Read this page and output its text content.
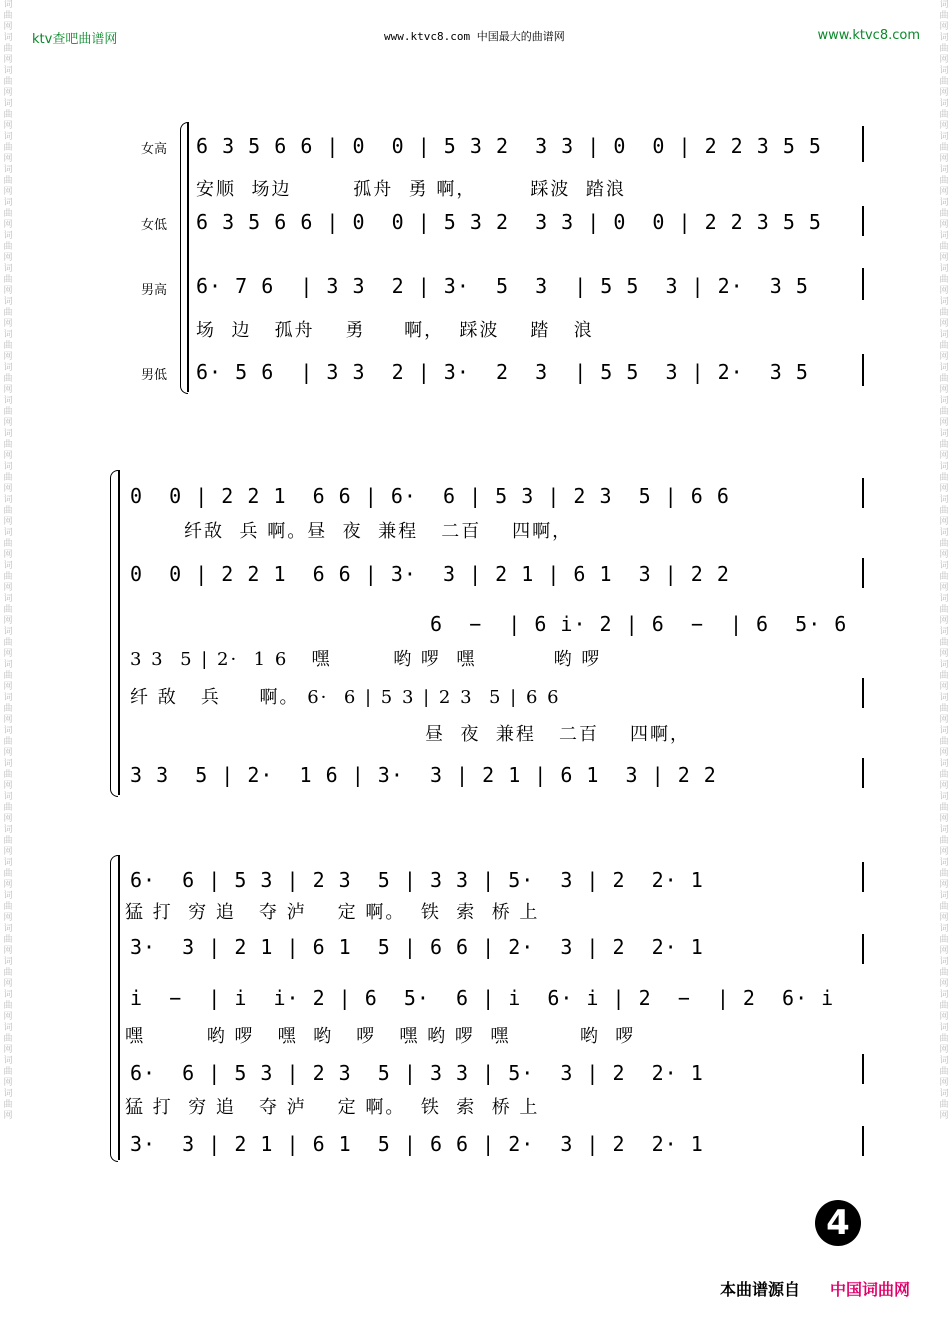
词曲网词曲网词曲网词曲网词曲网词曲网词曲网词曲网词曲网词曲网词曲网词曲网词曲网词曲网词曲网词曲网词曲网词曲网词曲网词曲网词曲网词曲网词曲网词曲网词曲网词曲网词曲网词曲网词曲网词曲网词曲网词曲网词曲网词曲网
词曲网词曲网词曲网词曲网词曲网词曲网词曲网词曲网词曲网词曲网词曲网词曲网词曲网词曲网词曲网词曲网词曲网词曲网词曲网词曲网词曲网词曲网词曲网词曲网词曲网词曲网词曲网词曲网词曲网词曲网词曲网词曲网词曲网词曲网
ktv查吧曲谱网	www.ktvc8.com 中国最大的曲谱网	www.ktvc8.com
女高
女低
男高
男低
6 3 5 6 6 | 0  0 | 5 3 2  3 3 | 0  0 | 2 2 3 5 5
安顺  场边        孤舟  勇 啊，       踩波  踏浪
6 3 5 6 6 | 0  0 | 5 3 2  3 3 | 0  0 | 2 2 3 5 5
6· 7 6  | 3 3  2 | 3·  5  3  | 5 5  3 | 2·  3 5
场  边   孤舟    勇     啊，  踩波    踏   浪
6· 5 6  | 3 3  2 | 3·  2  3  | 5 5  3 | 2·  3 5
0  0 | 2 2 1  6 6 | 6·  6 | 5 3 | 2 3  5 | 6 6
纤敌  兵 啊。昼  夜  兼程   二百    四啊，
0  0 | 2 2 1  6 6 | 3·  3 | 2 1 | 6 1  3 | 2 2
6  −  | 6 i· 2 | 6  −  | 6  5· 6
3 3  5 | 2·  1 6   嘿        哟 啰  嘿          哟 啰
纤 敌   兵     啊。 6·  6 | 5 3 | 2 3  5 | 6 6
昼  夜  兼程   二百    四啊，
3 3  5 | 2·  1 6 | 3·  3 | 2 1 | 6 1  3 | 2 2
6·  6 | 5 3 | 2 3  5 | 3 3 | 5·  3 | 2  2· 1
猛 打  穷 追   夺 泸    定 啊。  铁  索  桥 上
3·  3 | 2 1 | 6 1  5 | 6 6 | 2·  3 | 2  2· 1
i  −  | i  i· 2 | 6  5·  6 | i  6· i | 2  −  | 2  6· i
嘿        哟 啰   嘿  哟   啰   嘿 哟 啰  嘿         哟  啰
6·  6 | 5 3 | 2 3  5 | 3 3 | 5·  3 | 2  2· 1
猛 打  穷 追   夺 泸    定 啊。  铁  索  桥 上
3·  3 | 2 1 | 6 1  5 | 6 6 | 2·  3 | 2  2· 1
4
本曲谱源自 中国词曲网
